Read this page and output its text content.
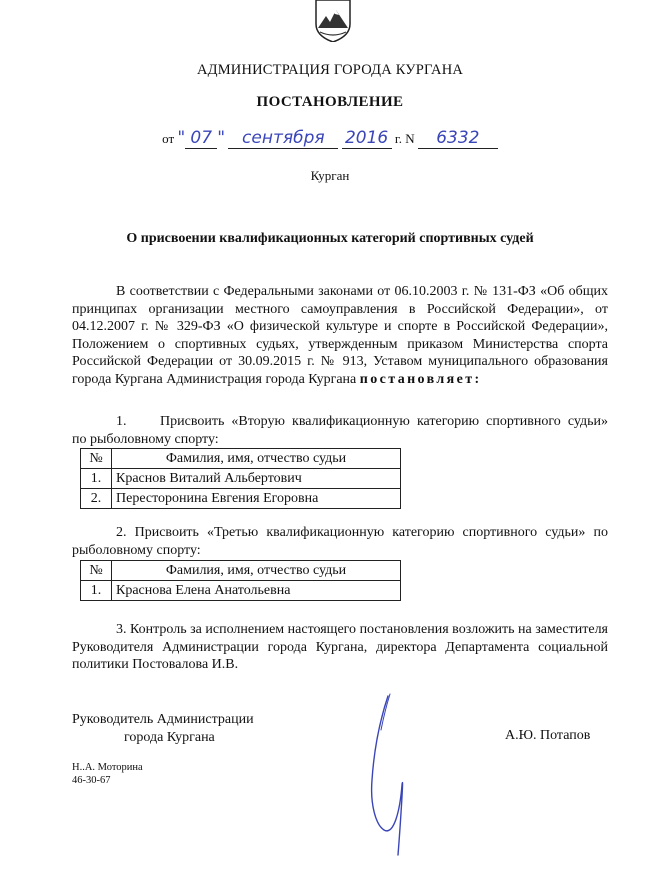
АДМИНИСТРАЦИЯ ГОРОДА КУРГАНА
ПОСТАНОВЛЕНИЕ
от " 07 " сентября 2016 г. N 6332
Курган
О присвоении квалификационных категорий спортивных судей
В соответствии с Федеральными законами от 06.10.2003 г. № 131-ФЗ «Об общих принципах организации местного самоуправления в Российской Федерации», от 04.12.2007 г. № 329-ФЗ «О физической культуре и спорте в Российской Федерации», Положением о спортивных судьях, утвержденным приказом Министерства спорта Российской Федерации от 30.09.2015 г. № 913, Уставом муниципального образования города Кургана Администрация города Кургана постановляет:
1. Присвоить «Вторую квалификационную категорию спортивного судьи» по рыболовному спорту:
№	Фамилия, имя, отчество судьи
1.	Краснов Виталий Альбертович
2.	Пересторонина Евгения Егоровна
2. Присвоить «Третью квалификационную категорию спортивного судьи» по рыболовному спорту:
№	Фамилия, имя, отчество судьи
1.	Краснова Елена Анатольевна
3. Контроль за исполнением настоящего постановления возложить на заместителя Руководителя Администрации города Кургана, директора Департамента социальной политики Постовалова И.В.
Руководитель Администрации
города Кургана	А.Ю. Потапов
Н..А. Моторина
46-30-67
